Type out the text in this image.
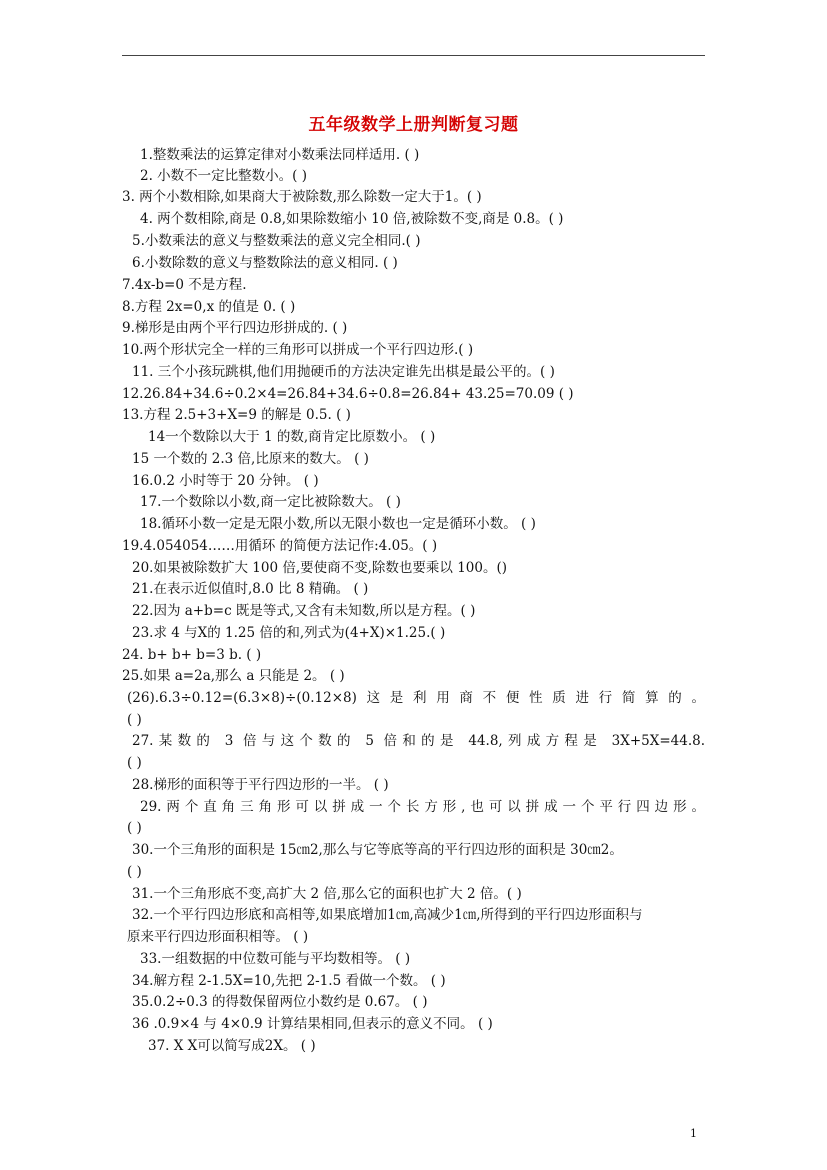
五年级数学上册判断复习题

1.整数乘法的运算定律对小数乘法同样适用. ( )

2. 小数不一定比整数小。( )

3. 两个小数相除,如果商大于被除数,那么除数一定大于1。( )

4. 两个数相除,商是 0.8,如果除数缩小 10 倍,被除数不变,商是 0.8。( )

5.小数乘法的意义与整数乘法的意义完全相同.( )

6.小数除数的意义与整数除法的意义相同. ( )

7.4x-b=0 不是方程.

8.方程 2x=0,x 的值是 0. ( )

9.梯形是由两个平行四边形拼成的. ( )

10.两个形状完全一样的三角形可以拼成一个平行四边形.( )

11. 三个小孩玩跳棋,他们用抛硬币的方法决定谁先出棋是最公平的。( )

12.26.84+34.6÷0.2×4=26.84+34.6÷0.8=26.84+ 43.25=70.09 ( )

13.方程 2.5+3+X=9 的解是 0.5. ( )

14一个数除以大于 1 的数,商肯定比原数小。 ( )

15 一个数的 2.3 倍,比原来的数大。 ( )

16.0.2 小时等于 20 分钟。 ( )

17.一个数除以小数,商一定比被除数大。 ( )

18.循环小数一定是无限小数,所以无限小数也一定是循环小数。 ( )

19.4.054054……用循环 的简便方法记作:4.05。( )

20.如果被除数扩大 100 倍,要使商不变,除数也要乘以 100。()

21.在表示近似值时,8.0 比 8 精确。 ( )

22.因为 a+b=c 既是等式,又含有未知数,所以是方程。( )

23.求 4 与X的 1.25 倍的和,列式为(4+X)×1.25.( )

24. b+ b+ b=3 b. ( )

25.如果 a=2a,那么 a 只能是 2。 ( )

(26).6.3÷0.12=(6.3×8)÷(0.12×8)这是利用商不便性质进行简算的。

( )

27.某数的 3 倍与这个数的 5 倍和的是 44.8,列成方程是 3X+5X=44.8.

( )

28.梯形的面积等于平行四边形的一半。 ( )

29.两个直角三角形可以拼成一个长方形,也可以拼成一个平行四边形。

( )

30.一个三角形的面积是 15㎝2,那么与它等底等高的平行四边形的面积是 30㎝2。

( )

31.一个三角形底不变,高扩大 2 倍,那么它的面积也扩大 2 倍。( )

32.一个平行四边形底和高相等,如果底增加1㎝,高减少1㎝,所得到的平行四边形面积与

原来平行四边形面积相等。 ( )

33.一组数据的中位数可能与平均数相等。 ( )

34.解方程 2-1.5X=10,先把 2-1.5 看做一个数。 ( )

35.0.2÷0.3 的得数保留两位小数约是 0.67。 ( )

36 .0.9×4 与 4×0.9 计算结果相同,但表示的意义不同。 ( )

37. X X可以简写成2X。 ( )

1
